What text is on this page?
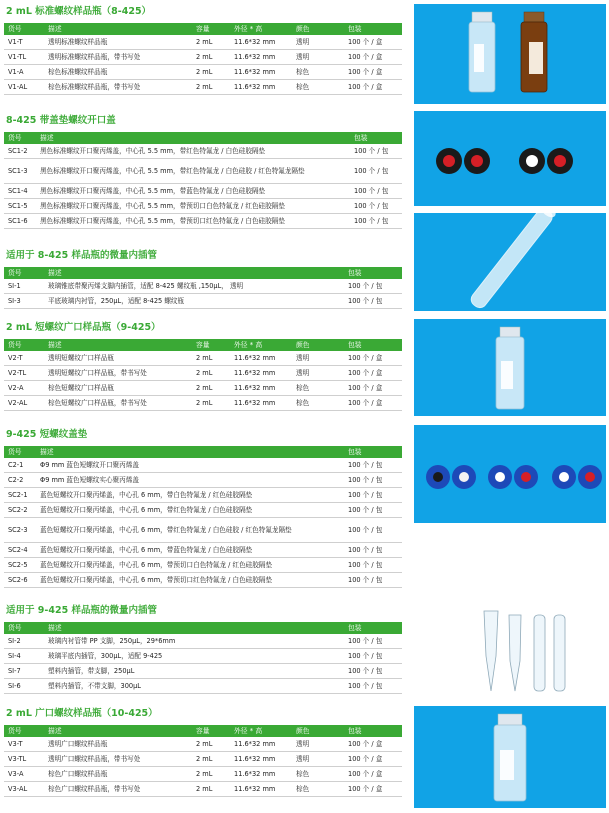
2 mL 标准螺纹样品瓶（8-425）
货号	描述	容量	外径 * 高	颜色	包装
V1-T	透明标准螺纹样品瓶	2 mL	11.6*32 mm	透明	100 个 / 盒
V1-TL	透明标准螺纹样品瓶，带书写处	2 mL	11.6*32 mm	透明	100 个 / 盒
V1-A	棕色标准螺纹样品瓶	2 mL	11.6*32 mm	棕色	100 个 / 盒
V1-AL	棕色标准螺纹样品瓶，带书写处	2 mL	11.6*32 mm	棕色	100 个 / 盒
8-425 带盖垫螺纹开口盖
货号	描述	包装
SC1-2	黑色标准螺纹开口聚丙烯盖，中心孔 5.5 mm，带红色特氟龙 / 白色硅胶隔垫	100 个 / 包
SC1-3	黑色标准螺纹开口聚丙烯盖，中心孔 5.5 mm，带红色特氟龙 / 白色硅胶 / 红色特氟龙隔垫	100 个 / 包
SC1-4	黑色标准螺纹开口聚丙烯盖，中心孔 5.5 mm，带蓝色特氟龙 / 白色硅胶隔垫	100 个 / 包
SC1-5	黑色标准螺纹开口聚丙烯盖，中心孔 5.5 mm，带预切口白色特氟龙 / 红色硅胶隔垫	100 个 / 包
SC1-6	黑色标准螺纹开口聚丙烯盖，中心孔 5.5 mm，带预切口红色特氟龙 / 白色硅胶隔垫	100 个 / 包
适用于 8-425 样品瓶的微量内插管
货号	描述	包装
SI-1	玻璃锥底带聚丙烯支脚内插管，适配 8-425 螺纹瓶 ,150µL， 透明	100 个 / 包
SI-3	平底玻璃内衬管，250µL，适配 8-425 螺纹瓶	100 个 / 包
2 mL 短螺纹广口样品瓶（9-425）
货号	描述	容量	外径 * 高	颜色	包装
V2-T	透明短螺纹广口样品瓶	2 mL	11.6*32 mm	透明	100 个 / 盒
V2-TL	透明短螺纹广口样品瓶，带书写处	2 mL	11.6*32 mm	透明	100 个 / 盒
V2-A	棕色短螺纹广口样品瓶	2 mL	11.6*32 mm	棕色	100 个 / 盒
V2-AL	棕色短螺纹广口样品瓶，带书写处	2 mL	11.6*32 mm	棕色	100 个 / 盒
9-425 短螺纹盖垫
货号	描述	包装
C2-1	Φ9 mm 蓝色短螺纹开口聚丙烯盖	100 个 / 包
C2-2	Φ9 mm 蓝色短螺纹实心聚丙烯盖	100 个 / 包
SC2-1	蓝色短螺纹开口聚丙烯盖，中心孔 6 mm，带白色特氟龙 / 红色硅胶隔垫	100 个 / 包
SC2-2	蓝色短螺纹开口聚丙烯盖，中心孔 6 mm，带红色特氟龙 / 白色硅胶隔垫	100 个 / 包
SC2-3	蓝色短螺纹开口聚丙烯盖，中心孔 6 mm，带红色特氟龙 / 白色硅胶 / 红色特氟龙隔垫	100 个 / 包
SC2-4	蓝色短螺纹开口聚丙烯盖，中心孔 6 mm，带蓝色特氟龙 / 白色硅胶隔垫	100 个 / 包
SC2-5	蓝色短螺纹开口聚丙烯盖，中心孔 6 mm，带预切口白色特氟龙 / 红色硅胶隔垫	100 个 / 包
SC2-6	蓝色短螺纹开口聚丙烯盖，中心孔 6 mm，带预切口红色特氟龙 / 白色硅胶隔垫	100 个 / 包
适用于 9-425 样品瓶的微量内插管
货号	描述	包装
SI-2	玻璃内衬管带 PP 支脚，250µL，29*6mm	100 个 / 包
SI-4	玻璃平底内插管，300µL，适配 9-425	100 个 / 包
SI-7	塑料内插管，带支脚，250µL	100 个 / 包
SI-6	塑料内插管，不带支脚，300µL	100 个 / 包
2 mL 广口螺纹样品瓶（10-425）
货号	描述	容量	外径 * 高	颜色	包装
V3-T	透明广口螺纹样品瓶	2 mL	11.6*32 mm	透明	100 个 / 盒
V3-TL	透明广口螺纹样品瓶，带书写处	2 mL	11.6*32 mm	透明	100 个 / 盒
V3-A	棕色广口螺纹样品瓶	2 mL	11.6*32 mm	棕色	100 个 / 盒
V3-AL	棕色广口螺纹样品瓶，带书写处	2 mL	11.6*32 mm	棕色	100 个 / 盒
